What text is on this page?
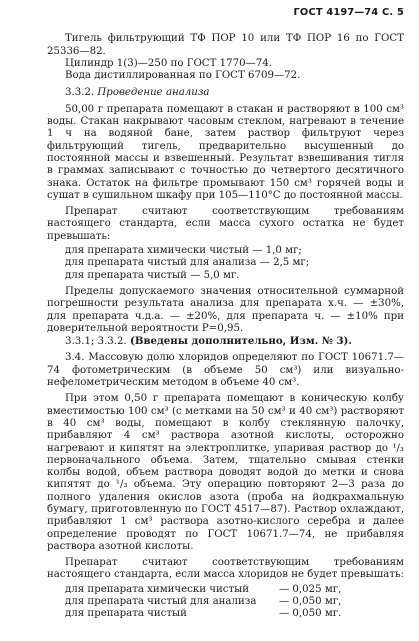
ГОСТ 4197—74 С. 5

Тигель фильтрующий ТФ ПОР 10 или ТФ ПОР 16 по ГОСТ 25336—82.

Цилиндр 1(3)—250 по ГОСТ 1770—74.

Вода дистиллированная по ГОСТ 6709—72.

3.3.2. Проведение анализа

50,00 г препарата помещают в стакан и растворяют в 100 см³ воды. Стакан накрывают часовым стеклом, нагревают в течение 1 ч на водяной бане, затем раствор фильтруют через фильтрующий тигель, предварительно высушенный до постоянной массы и взвешенный. Результат взвешивания тигля в граммах записывают с точностью до четвертого десятичного знака. Остаток на фильтре промывают 150 см³ горячей воды и сушат в сушильном шкафу при 105—110°С до постоянной массы.

Препарат считают соответствующим требованиям настоящего стандарта, если масса сухого остатка не будет превышать:

для препарата химически чистый — 1,0 мг;
для препарата чистый для анализа — 2,5 мг;
для препарата чистый — 5,0 мг.

Пределы допускаемого значения относительной суммарной погрешности результата анализа для препарата х.ч. — ±30%, для препарата ч.д.а. — ±20%, для препарата ч. — ±10% при доверительной вероятности P=0,95.

3.3.1; 3.3.2. (Введены дополнительно, Изм. № 3).

3.4. Массовую долю хлоридов определяют по ГОСТ 10671.7—74 фотометрическим (в объеме 50 см³) или визуально-нефелометрическим методом в объеме 40 см³.

При этом 0,50 г препарата помещают в коническую колбу вместимостью 100 см³ (с метками на 50 см³ и 40 см³) растворяют в 40 см³ воды, помещают в колбу стеклянную палочку, прибавляют 4 см³ раствора азотной кислоты, осторожно нагревают и кипятят на электроплитке, упаривая раствор до ¹/₃ первоначального объема. Затем, тщательно смывая стенки колбы водой, объем раствора доводят водой до метки и снова кипятят до ¹/₃ объема. Эту операцию повторяют 2—3 раза до полного удаления окислов азота (проба на йодкрахмальную бумагу, приготовленную по ГОСТ 4517—87). Раствор охлаждают, прибавляют 1 см³ раствора азотно-кислого серебра и далее определение проводят по ГОСТ 10671.7—74, не прибавляя раствора азотной кислоты.

Препарат считают соответствующим требованиям настоящего стандарта, если масса хлоридов не будет превышать:

для препарата химически чистый	— 0,025 мг,
для препарата чистый для анализа	— 0,050 мг,
для препарата чистый	— 0,050 мг.
